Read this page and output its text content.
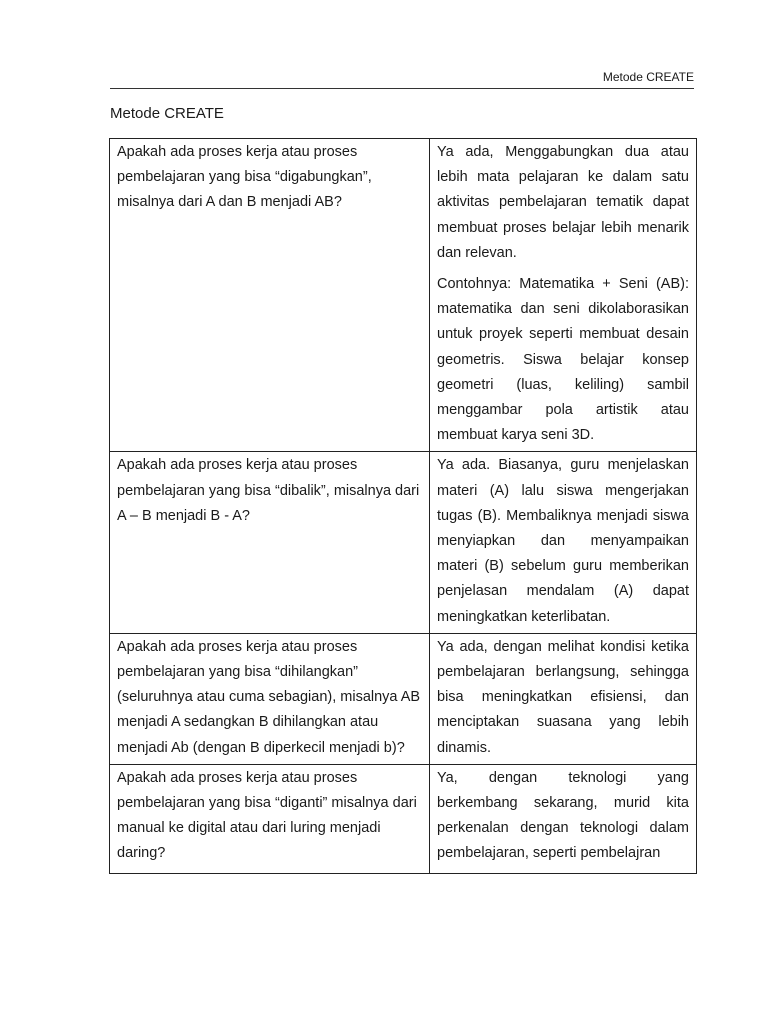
Metode CREATE
Metode CREATE
Apakah ada proses kerja atau proses pembelajaran yang bisa “digabungkan”, misalnya dari A dan B menjadi AB?	Ya ada, Menggabungkan dua atau lebih mata pelajaran ke dalam satu aktivitas pembelajaran tematik dapat membuat proses belajar lebih menarik dan relevan.

Contohnya: Matematika + Seni (AB): matematika dan seni dikolaborasikan untuk proyek seperti membuat desain geometris. Siswa belajar konsep geometri (luas, keliling) sambil menggambar pola artistik atau membuat karya seni 3D.

Apakah ada proses kerja atau proses pembelajaran yang bisa “dibalik”, misalnya dari A – B menjadi B - A?	Ya ada. Biasanya, guru menjelaskan materi (A) lalu siswa mengerjakan tugas (B). Membaliknya menjadi siswa menyiapkan dan menyampaikan materi (B) sebelum guru memberikan penjelasan mendalam (A) dapat meningkatkan keterlibatan.

Apakah ada proses kerja atau proses pembelajaran yang bisa “dihilangkan” (seluruhnya atau cuma sebagian), misalnya AB menjadi A sedangkan B dihilangkan atau menjadi Ab (dengan B diperkecil menjadi b)?	Ya ada, dengan melihat kondisi ketika pembelajaran berlangsung, sehingga bisa meningkatkan efisiensi, dan menciptakan suasana yang lebih dinamis.

Apakah ada proses kerja atau proses pembelajaran yang bisa “diganti” misalnya dari manual ke digital atau dari luring menjadi daring?	Ya, dengan teknologi yang berkembang sekarang, murid kita perkenalan dengan teknologi dalam pembelajaran, seperti pembelajran
